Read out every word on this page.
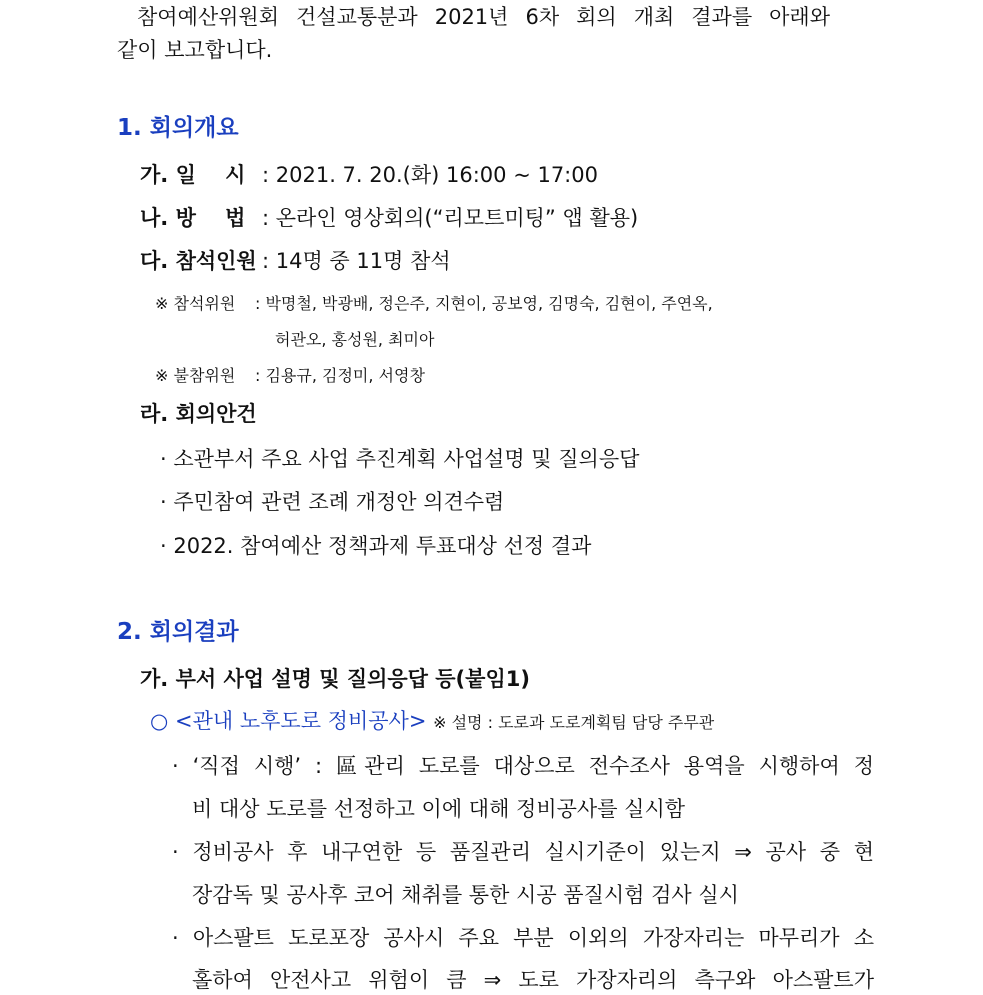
참여예산위원회 건설교통분과 2021년 6차 회의 개최 결과를 아래와
같이 보고합니다.
1. 회의개요
가. 일    시 : 2021. 7. 20.(화) 16:00 ~ 17:00
나. 방    법 : 온라인 영상회의(“리모트미팅” 앱 활용)
다. 참석인원 : 14명 중 11명 참석
※ 참석위원 : 박명철, 박광배, 정은주, 지현이, 공보영, 김명숙, 김현이, 주연옥,
허관오, 홍성원, 최미아
※ 불참위원 : 김용규, 김정미, 서영창
라. 회의안건
· 소관부서 주요 사업 추진계획 사업설명 및 질의응답
· 주민참여 관련 조례 개정안 의견수렴
· 2022. 참여예산 정책과제 투표대상 선정 결과
2. 회의결과
가. 부서 사업 설명 및 질의응답 등(붙임1)
○ <관내 노후도로 정비공사> ※ 설명 : 도로과 도로계획팀 담당 주무관
· ‘직접 시행’ : 區관리 도로를 대상으로 전수조사 용역을 시행하여 정
비 대상 도로를 선정하고 이에 대해 정비공사를 실시함
· 정비공사 후 내구연한 등 품질관리 실시기준이 있는지 ⇒ 공사 중 현
장감독 및 공사후 코어 채취를 통한 시공 품질시험 검사 실시
· 아스팔트 도로포장 공사시 주요 부분 이외의 가장자리는 마무리가 소
홀하여 안전사고 위험이 큼 ⇒ 도로 가장자리의 측구와 아스팔트가
